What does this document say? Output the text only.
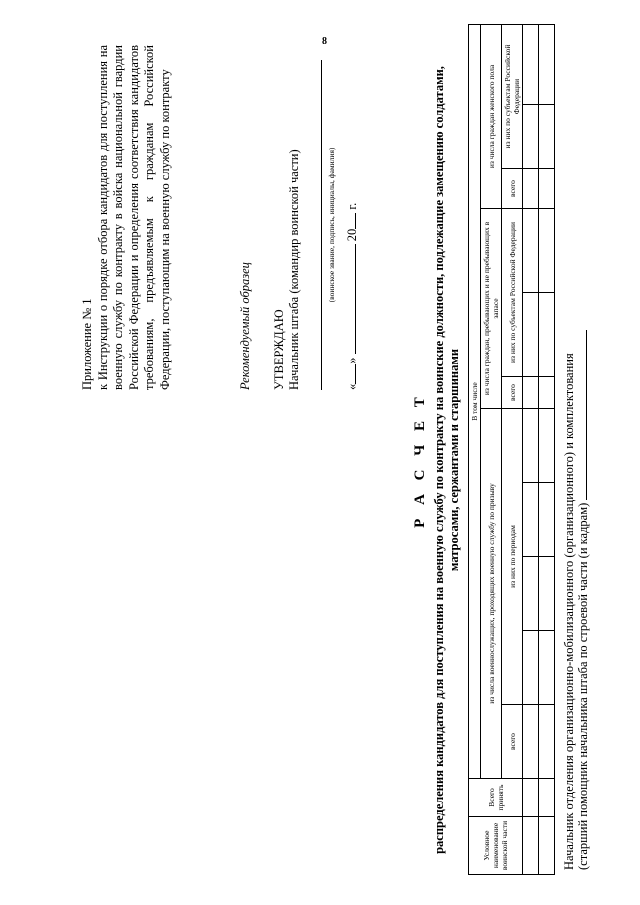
8
Приложение № 1 к Инструкции о порядке отбора кандидатов для поступления на военную службу по контракту в войска национальной гвардии Российской Федерации и определения соответствия кандидатов требованиям, предъявляемым к гражданам Российской Федерации, поступающим на военную службу по контракту	Рекомендуемый образец УТВЕРЖДАЮ Начальник штаба (командир воинской части)	(воинское звание, подпись, инициалы, фамилия)
«»  20 г.
Р А С Ч Е Т распределения кандидатов для поступления на военную службу по контракту на воинские должности, подлежащие замещению солдатами, матросами, сержантами и старшинами
Условное наименование воинской части	Всего принять	В том числе										
		из числа военнослужащих, проходящих военную службу по призыву					из числа граждан, пребывающих и не пребывающих в запасе			из числа граждан женского пола		
		всего	из них по периодам				всего	из них по субъектам Российской Федерации		всего	из них по субъектам Российской Федерации	

Начальник отделения организационно-мобилизационного (организационного) и комплектования (старший помощник начальника штаба по строевой части (и кадрам)
